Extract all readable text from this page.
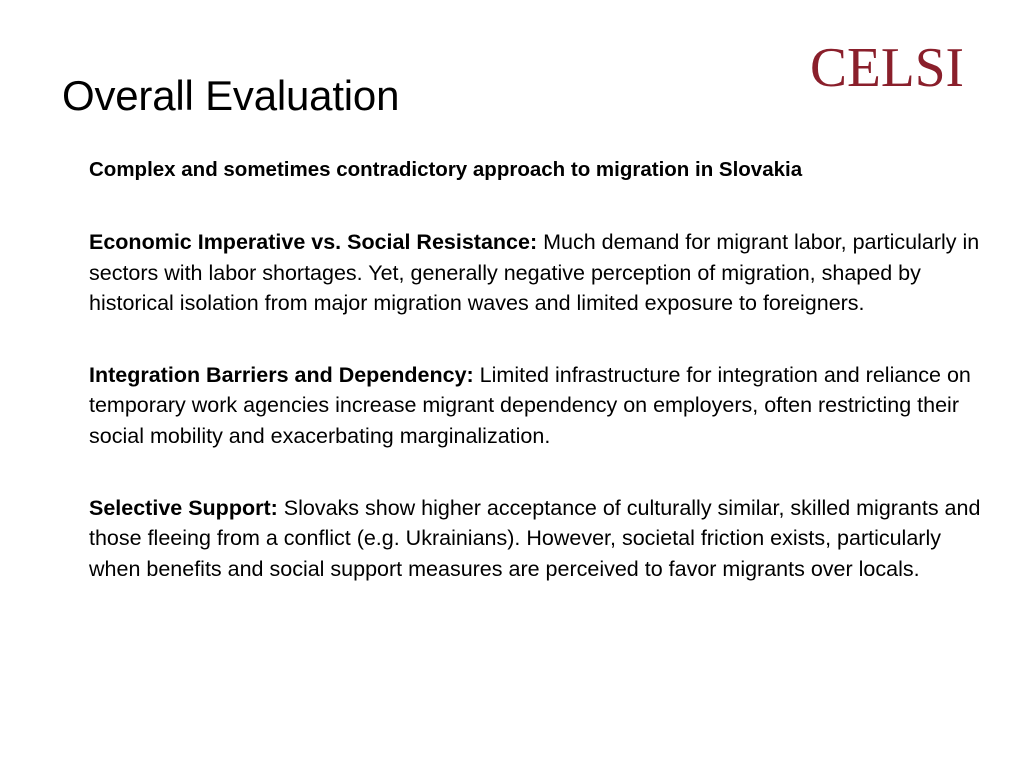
Overall Evaluation	CELSI

Complex and sometimes contradictory approach to migration in Slovakia

Economic Imperative vs. Social Resistance: Much demand for migrant labor, particularly in sectors with labor shortages. Yet, generally negative perception of migration, shaped by historical isolation from major migration waves and limited exposure to foreigners.

Integration Barriers and Dependency: Limited infrastructure for integration and reliance on temporary work agencies increase migrant dependency on employers, often restricting their social mobility and exacerbating marginalization.

Selective Support: Slovaks show higher acceptance of culturally similar, skilled migrants and those fleeing from a conflict (e.g. Ukrainians). However, societal friction exists, particularly when benefits and social support measures are perceived to favor migrants over locals.
